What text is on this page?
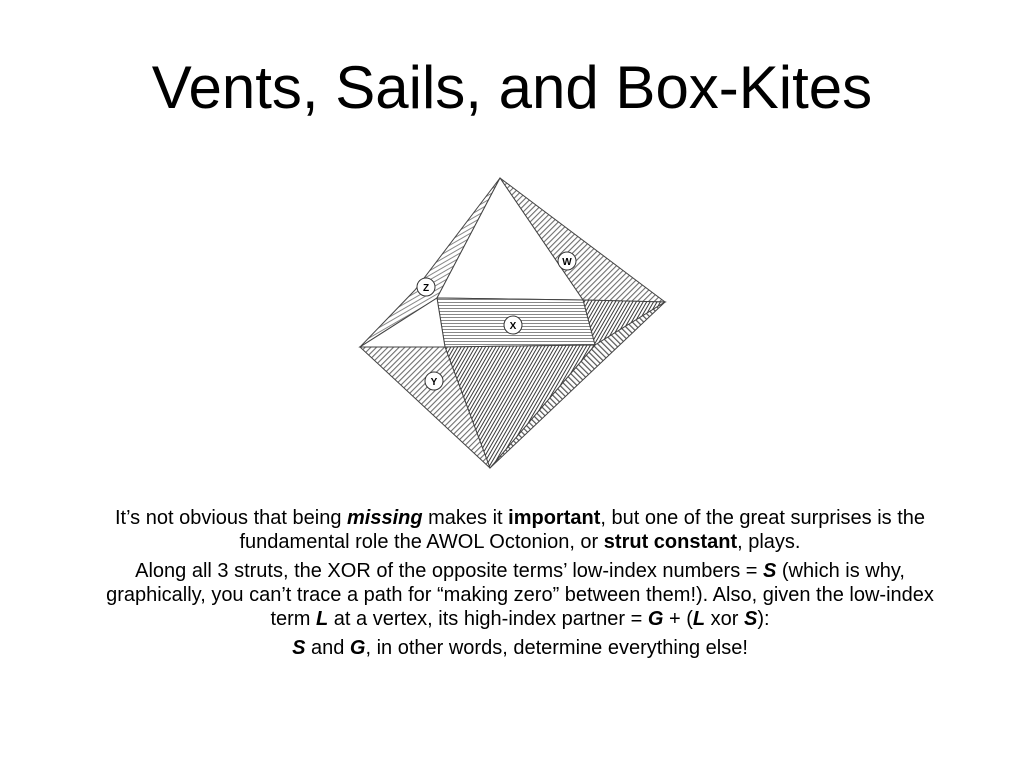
Vents, Sails, and Box-Kites
W
Z
X
Y

It’s not obvious that being missing makes it important, but one of the great surprises is the fundamental role the AWOL Octonion, or strut constant, plays.

Along all 3 struts, the XOR of the opposite terms’ low-index numbers = S (which is why, graphically, you can’t trace a path for “making zero” between them!). Also, given the low-index term L at a vertex, its high-index partner = G + (L xor S):

S and G, in other words, determine everything else!
